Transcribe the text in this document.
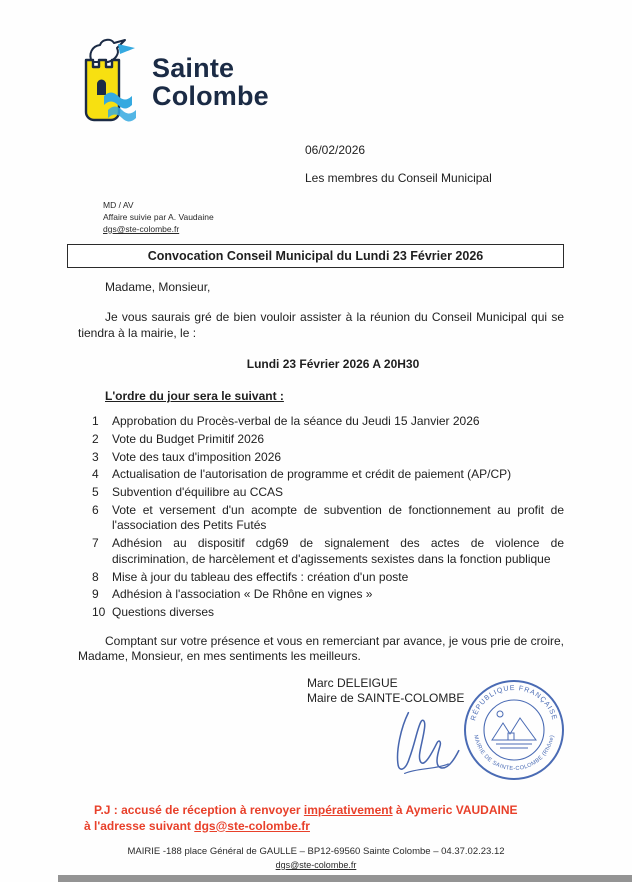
Sainte
Colombe
06/02/2026
Les membres du Conseil Municipal
MD / AV
Affaire suivie par A. Vaudaine
dgs@ste-colombe.fr
Convocation Conseil Municipal du Lundi 23 Février 2026

Madame, Monsieur,

Je vous saurais gré de bien vouloir assister à la réunion du Conseil Municipal qui se tiendra à la mairie, le :

Lundi 23 Février 2026 A 20H30

L'ordre du jour sera le suivant :

1	Approbation du Procès-verbal de la séance du Jeudi 15 Janvier 2026
2	Vote du Budget Primitif 2026
3	Vote des taux d'imposition 2026
4	Actualisation de l'autorisation de programme et crédit de paiement (AP/CP)
5	Subvention d'équilibre au CCAS
6	Vote et versement d'un acompte de subvention de fonctionnement au profit de l'association des Petits Futés
7	Adhésion au dispositif cdg69 de signalement des actes de violence de discrimination, de harcèlement et d'agissements sexistes dans la fonction publique
8	Mise à jour du tableau des effectifs : création d'un poste
9	Adhésion à l'association « De Rhône en vignes »
10 Questions diverses

Comptant sur votre présence et vous en remerciant par avance, je vous prie de croire, Madame, Monsieur, en mes sentiments les meilleurs.

Marc DELEIGUE
Maire de SAINTE-COLOMBE
RÉPUBLIQUE FRANÇAISE
MAIRIE DE SAINTE-COLOMBE (Rhône)
P.J : accusé de réception à renvoyer impérativement à Aymeric VAUDAINE
à l'adresse suivant dgs@ste-colombe.fr
MAIRIE -188 place Général de GAULLE – BP12-69560 Sainte Colombe – 04.37.02.23.12
dgs@ste-colombe.fr
